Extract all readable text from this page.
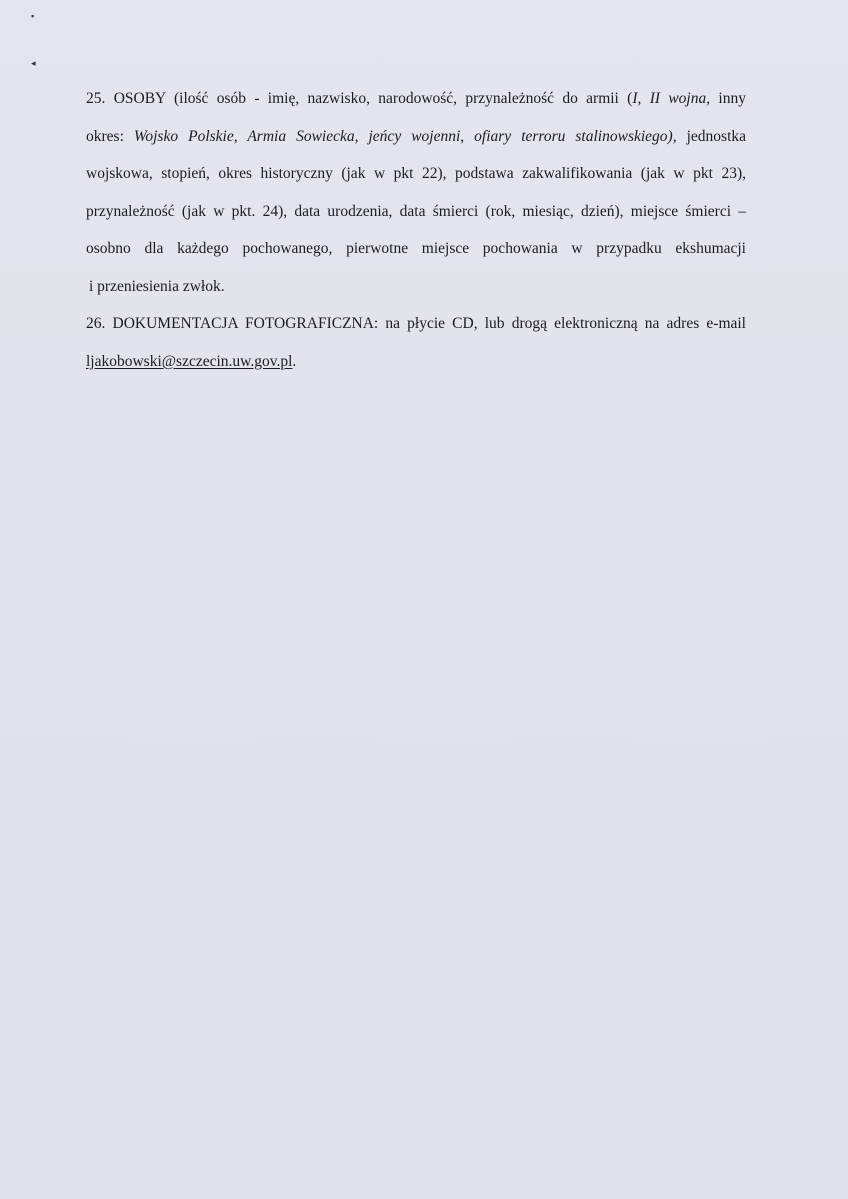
▪
◂
25. OSOBY (ilość osób - imię, nazwisko, narodowość, przynależność do armii (I, II wojna, inny
okres: Wojsko Polskie, Armia Sowiecka, jeńcy wojenni, ofiary terroru stalinowskiego), jednostka
wojskowa, stopień, okres historyczny (jak w pkt 22), podstawa zakwalifikowania (jak w pkt 23),
przynależność (jak w pkt. 24), data urodzenia, data śmierci (rok, miesiąc, dzień), miejsce śmierci –
osobno dla każdego pochowanego, pierwotne miejsce pochowania w przypadku ekshumacji
i przeniesienia zwłok.
26. DOKUMENTACJA FOTOGRAFICZNA: na płycie CD, lub drogą elektroniczną na adres e-mail
ljakobowski@szczecin.uw.gov.pl.
